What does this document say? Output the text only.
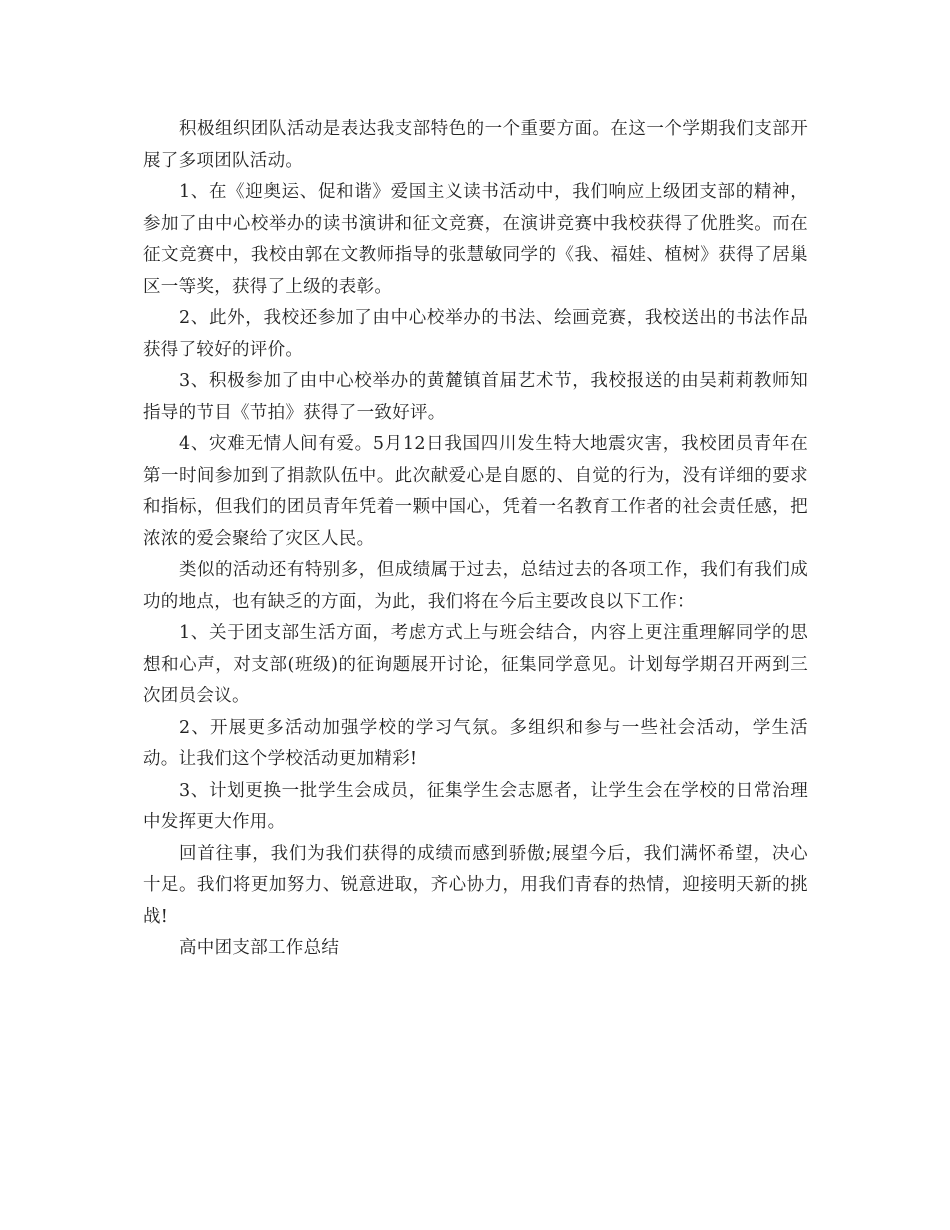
积极组织团队活动是表达我支部特色的一个重要方面。在这一个学期我们支部开展了多项团队活动。

1、在《迎奥运、促和谐》爱国主义读书活动中，我们响应上级团支部的精神，参加了由中心校举办的读书演讲和征文竞赛，在演讲竞赛中我校获得了优胜奖。而在征文竞赛中，我校由郭在文教师指导的张慧敏同学的《我、福娃、植树》获得了居巢区一等奖，获得了上级的表彰。

2、此外，我校还参加了由中心校举办的书法、绘画竞赛，我校送出的书法作品获得了较好的评价。

3、积极参加了由中心校举办的黄麓镇首届艺术节，我校报送的由吴莉莉教师知指导的节目《节拍》获得了一致好评。

4、灾难无情人间有爱。5月12日我国四川发生特大地震灾害，我校团员青年在第一时间参加到了捐款队伍中。此次献爱心是自愿的、自觉的行为，没有详细的要求和指标，但我们的团员青年凭着一颗中国心，凭着一名教育工作者的社会责任感，把浓浓的爱会聚给了灾区人民。

类似的活动还有特别多，但成绩属于过去，总结过去的各项工作，我们有我们成功的地点，也有缺乏的方面，为此，我们将在今后主要改良以下工作：

1、关于团支部生活方面，考虑方式上与班会结合，内容上更注重理解同学的思想和心声，对支部(班级)的征询题展开讨论，征集同学意见。计划每学期召开两到三次团员会议。

2、开展更多活动加强学校的学习气氛。多组织和参与一些社会活动，学生活动。让我们这个学校活动更加精彩!

3、计划更换一批学生会成员，征集学生会志愿者，让学生会在学校的日常治理中发挥更大作用。

回首往事，我们为我们获得的成绩而感到骄傲;展望今后，我们满怀希望，决心十足。我们将更加努力、锐意进取，齐心协力，用我们青春的热情，迎接明天新的挑战!

高中团支部工作总结
